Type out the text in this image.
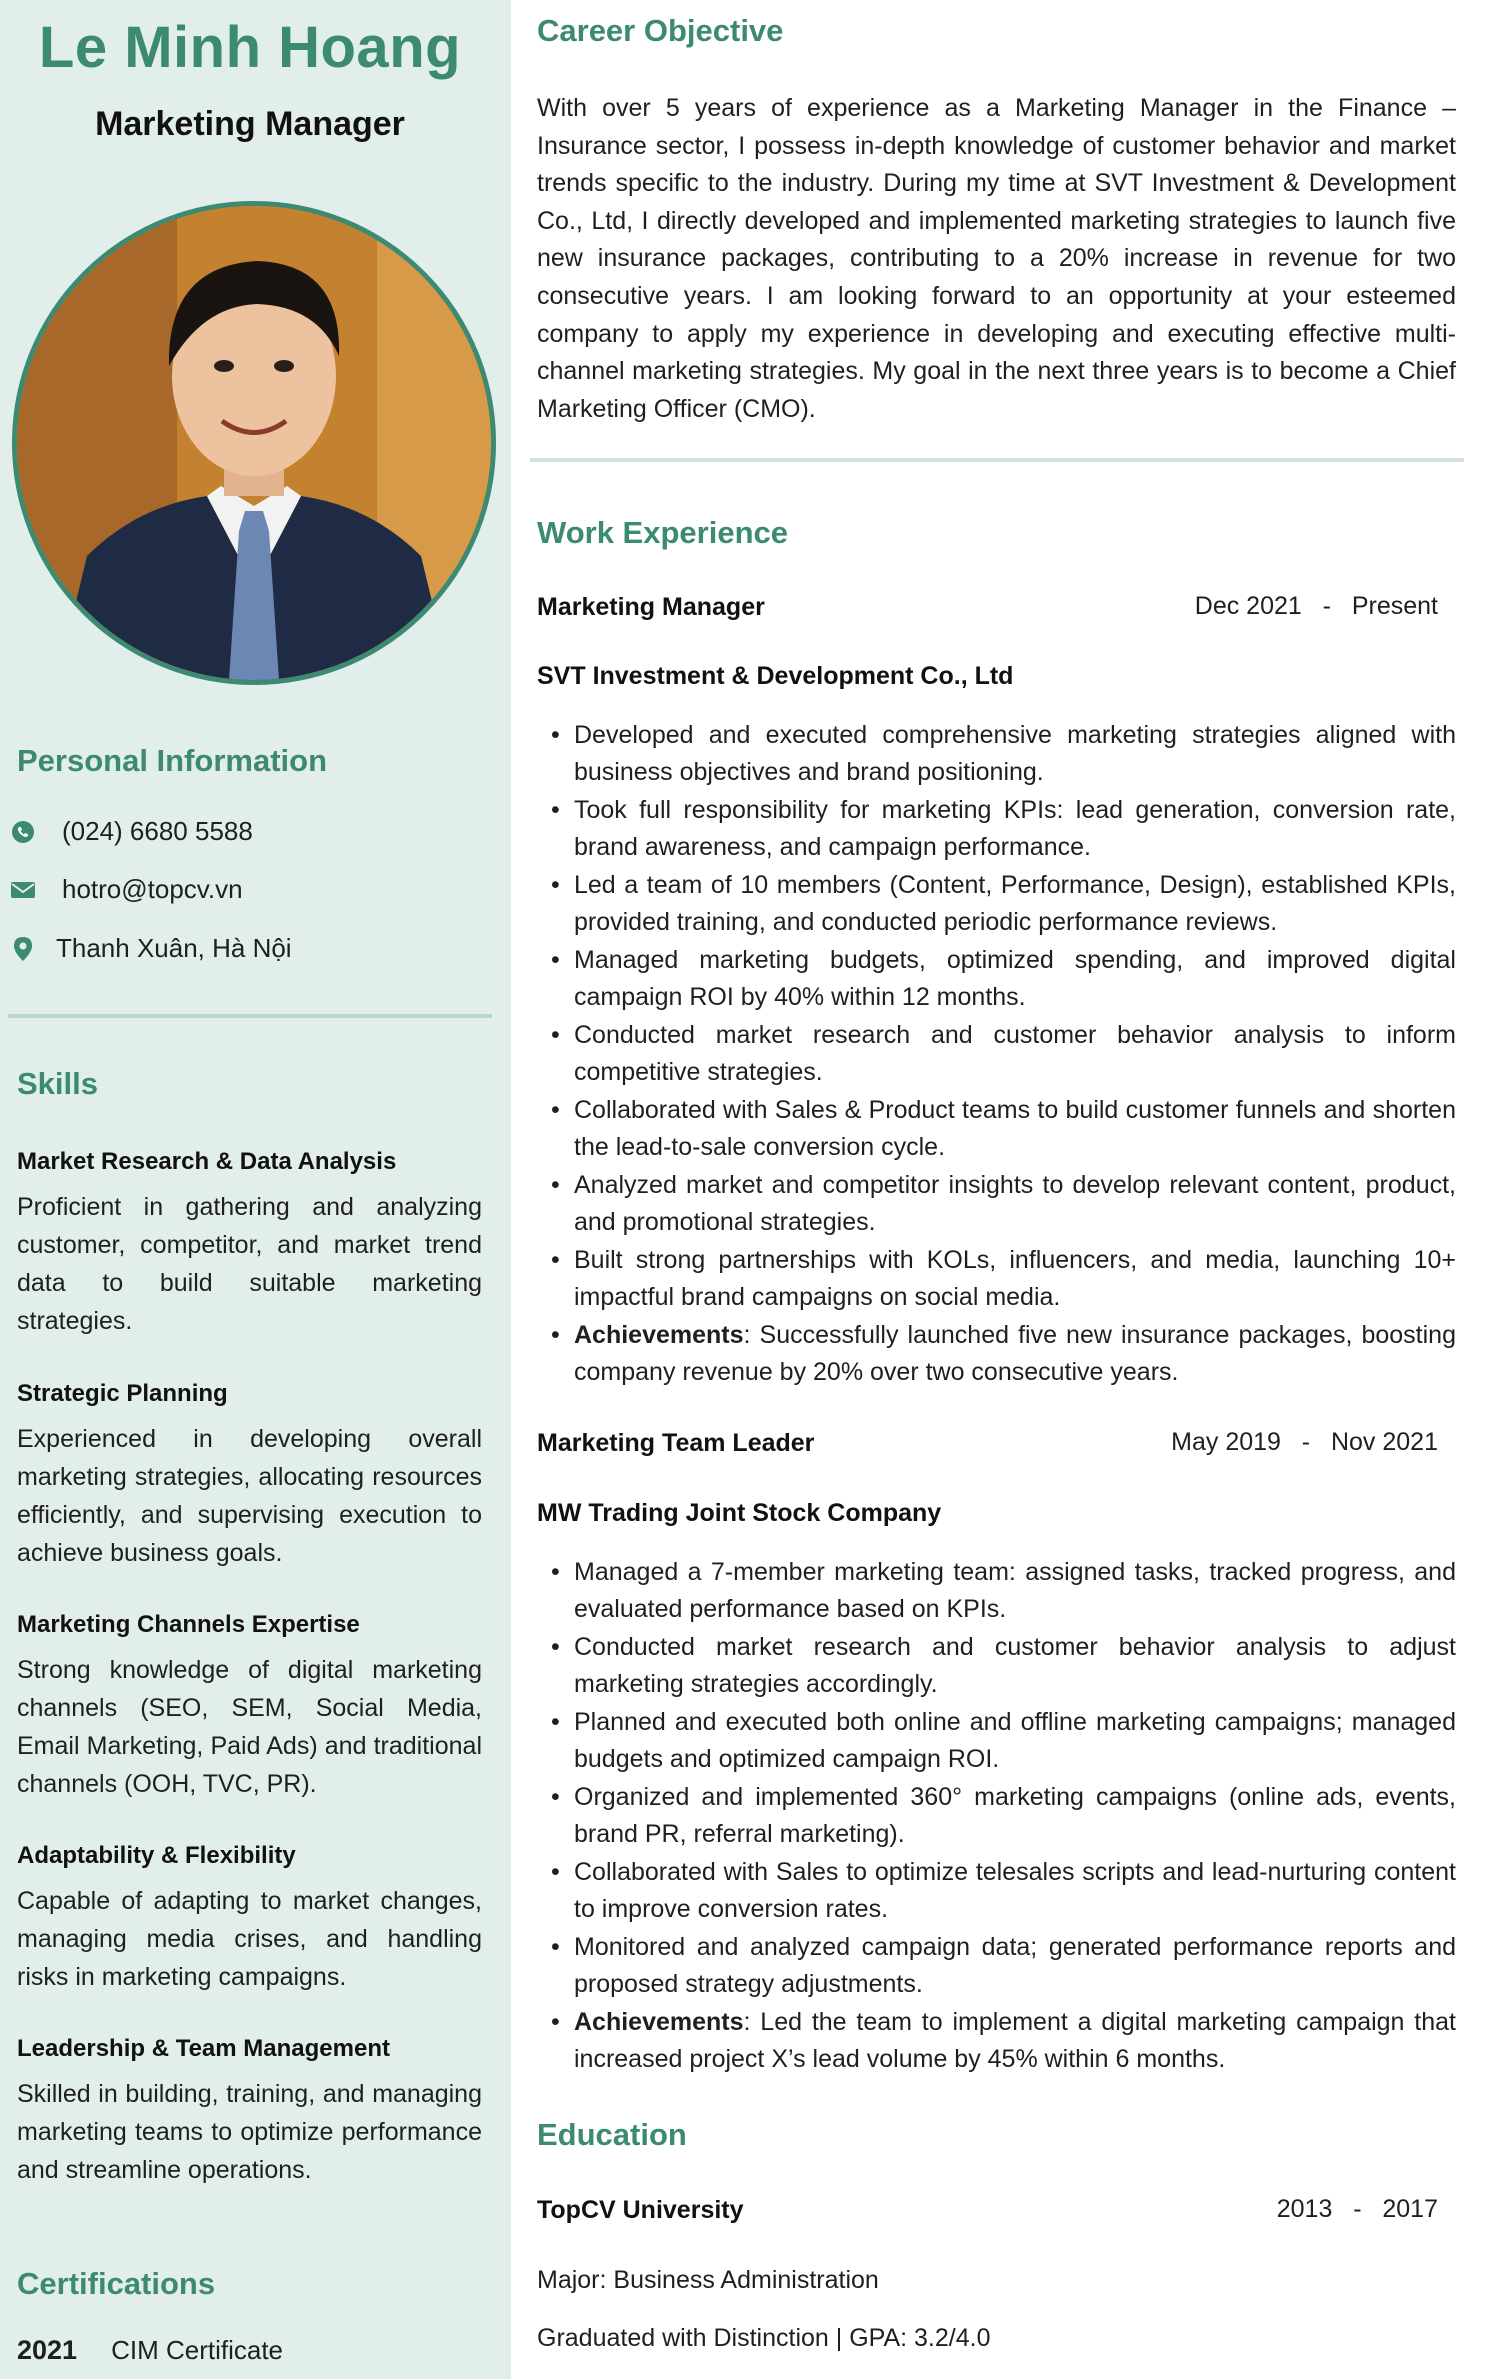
Le Minh Hoang
Marketing Manager
Personal Information
(024) 6680 5588
hotro@topcv.vn
Thanh Xuân, Hà Nội
Skills
Market Research & Data Analysis
Proficient in gathering and analyzing customer, competitor, and market trend data to build suitable marketing strategies.
Strategic Planning
Experienced in developing overall marketing strategies, allocating resources efficiently, and supervising execution to achieve business goals.
Marketing Channels Expertise
Strong knowledge of digital marketing channels (SEO, SEM, Social Media, Email Marketing, Paid Ads) and traditional channels (OOH, TVC, PR).
Adaptability & Flexibility
Capable of adapting to market changes, managing media crises, and handling risks in marketing campaigns.
Leadership & Team Management
Skilled in building, training, and managing marketing teams to optimize performance and streamline operations.
Certifications
2021 CIM Certificate
Career Objective
With over 5 years of experience as a Marketing Manager in the Finance – Insurance sector, I possess in-depth knowledge of customer behavior and market trends specific to the industry. During my time at SVT Investment & Development Co., Ltd, I directly developed and implemented marketing strategies to launch five new insurance packages, contributing to a 20% increase in revenue for two consecutive years. I am looking forward to an opportunity at your esteemed company to apply my experience in developing and executing effective multi-channel marketing strategies. My goal in the next three years is to become a Chief Marketing Officer (CMO).
Work Experience
Marketing Manager	Dec 2021 - Present
SVT Investment & Development Co., Ltd
• Developed and executed comprehensive marketing strategies aligned with business objectives and brand positioning.
• Took full responsibility for marketing KPIs: lead generation, conversion rate, brand awareness, and campaign performance.
• Led a team of 10 members (Content, Performance, Design), established KPIs, provided training, and conducted periodic performance reviews.
• Managed marketing budgets, optimized spending, and improved digital campaign ROI by 40% within 12 months.
• Conducted market research and customer behavior analysis to inform competitive strategies.
• Collaborated with Sales & Product teams to build customer funnels and shorten the lead-to-sale conversion cycle.
• Analyzed market and competitor insights to develop relevant content, product, and promotional strategies.
• Built strong partnerships with KOLs, influencers, and media, launching 10+ impactful brand campaigns on social media.
• Achievements: Successfully launched five new insurance packages, boosting company revenue by 20% over two consecutive years.
Marketing Team Leader	May 2019 - Nov 2021
MW Trading Joint Stock Company
• Managed a 7-member marketing team: assigned tasks, tracked progress, and evaluated performance based on KPIs.
• Conducted market research and customer behavior analysis to adjust marketing strategies accordingly.
• Planned and executed both online and offline marketing campaigns; managed budgets and optimized campaign ROI.
• Organized and implemented 360° marketing campaigns (online ads, events, brand PR, referral marketing).
• Collaborated with Sales to optimize telesales scripts and lead-nurturing content to improve conversion rates.
• Monitored and analyzed campaign data; generated performance reports and proposed strategy adjustments.
• Achievements: Led the team to implement a digital marketing campaign that increased project X’s lead volume by 45% within 6 months.
Education
TopCV University	2013 - 2017
Major: Business Administration
Graduated with Distinction | GPA: 3.2/4.0
